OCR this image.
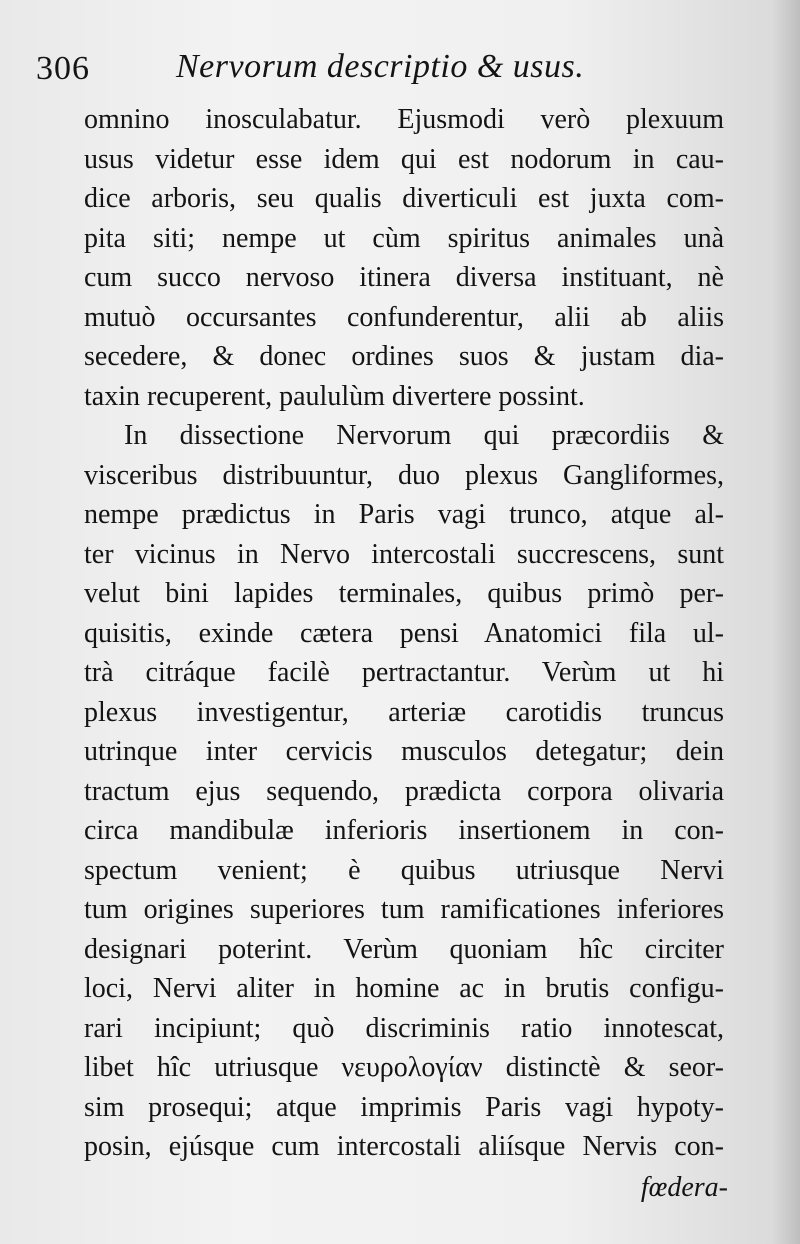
306	Nervorum descriptio & usus.
omnino inosculabatur. Ejusmodi verò plexuum
usus videtur esse idem qui est nodorum in cau-
dice arboris, seu qualis diverticuli est juxta com-
pita siti; nempe ut cùm spiritus animales unà
cum succo nervoso itinera diversa instituant, nè
mutuò occursantes confunderentur, alii ab aliis
secedere, & donec ordines suos & justam dia-
taxin recuperent, paululùm divertere possint.
In dissectione Nervorum qui præcordiis &
visceribus distribuuntur, duo plexus Gangliformes,
nempe prædictus in Paris vagi trunco, atque al-
ter vicinus in Nervo intercostali succrescens, sunt
velut bini lapides terminales, quibus primò per-
quisitis, exinde cætera pensi Anatomici fila ul-
trà citráque facilè pertractantur. Verùm ut hi
plexus investigentur, arteriæ carotidis truncus
utrinque inter cervicis musculos detegatur; dein
tractum ejus sequendo, prædicta corpora olivaria
circa mandibulæ inferioris insertionem in con-
spectum venient; è quibus utriusque Nervi
tum origines superiores tum ramificationes inferiores
designari poterint. Verùm quoniam hîc circiter
loci, Nervi aliter in homine ac in brutis configu-
rari incipiunt; quò discriminis ratio innotescat,
libet hîc utriusque νευρολογίαν distinctè & seor-
sim prosequi; atque imprimis Paris vagi hypoty-
posin, ejúsque cum intercostali aliísque Nervis con-
fœdera-
